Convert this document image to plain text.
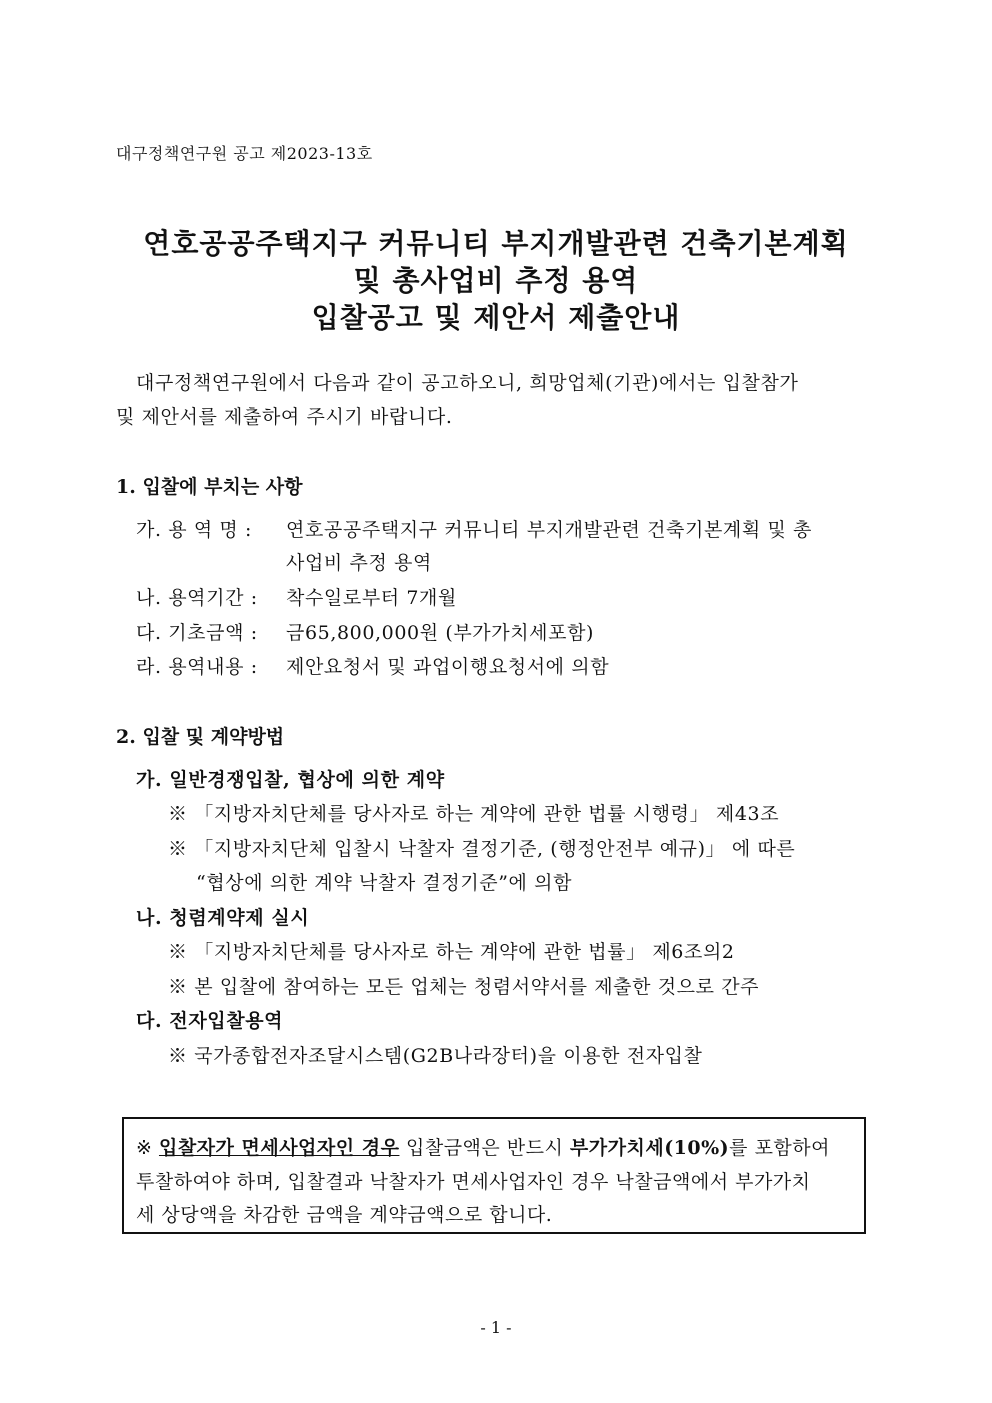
대구정책연구원 공고 제2023-13호
연호공공주택지구 커뮤니티 부지개발관련 건축기본계획
및 총사업비 추정 용역
입찰공고 및 제안서 제출안내
대구정책연구원에서 다음과 같이 공고하오니, 희망업체(기관)에서는 입찰참가
및 제안서를 제출하여 주시기 바랍니다.
1. 입찰에 부치는 사항
가. 용 역 명 : 연호공공주택지구 커뮤니티 부지개발관련 건축기본계획 및 총
사업비 추정 용역
나. 용역기간 : 착수일로부터 7개월
다. 기초금액 : 금65,800,000원 (부가가치세포함)
라. 용역내용 : 제안요청서 및 과업이행요청서에 의함
2. 입찰 및 계약방법
가. 일반경쟁입찰, 협상에 의한 계약
※ 「지방자치단체를 당사자로 하는 계약에 관한 법률 시행령」 제43조
※ 「지방자치단체 입찰시 낙찰자 결정기준, (행정안전부 예규)」 에 따른
“협상에 의한 계약 낙찰자 결정기준”에 의함
나. 청렴계약제 실시
※ 「지방자치단체를 당사자로 하는 계약에 관한 법률」 제6조의2
※ 본 입찰에 참여하는 모든 업체는 청렴서약서를 제출한 것으로 간주
다. 전자입찰용역
※ 국가종합전자조달시스템(G2B나라장터)을 이용한 전자입찰
※ 입찰자가 면세사업자인 경우 입찰금액은 반드시 부가가치세(10%)를 포함하여
투찰하여야 하며, 입찰결과 낙찰자가 면세사업자인 경우 낙찰금액에서 부가가치
세 상당액을 차감한 금액을 계약금액으로 합니다.
- 1 -
